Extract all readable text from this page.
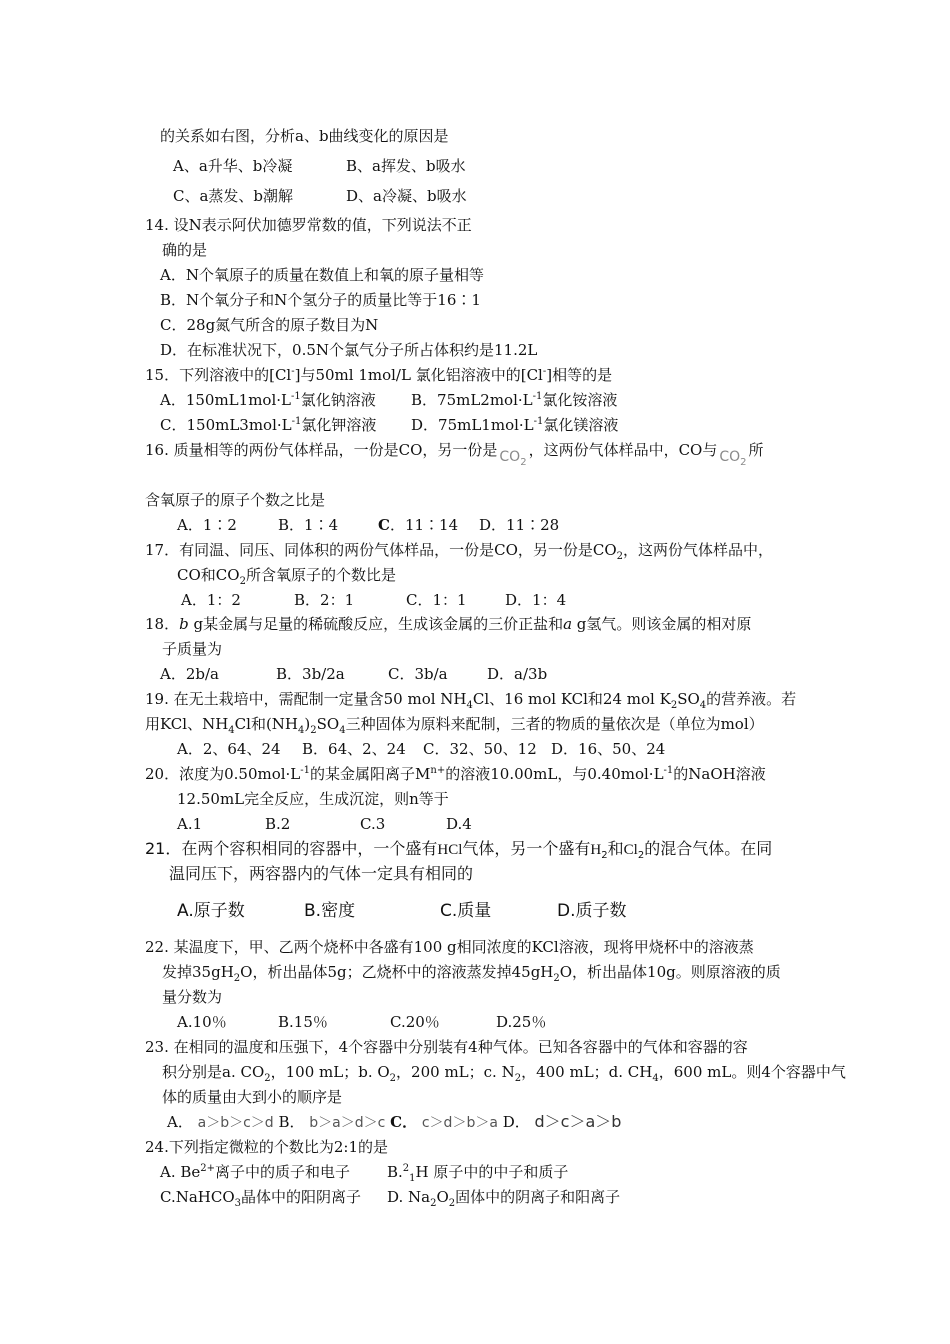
的关系如右图，分析a、b曲线变化的原因是
A、a升华、b冷凝	B、a挥发、b吸水
C、a蒸发、b潮解	D、a冷凝、b吸水
14. 设N表示阿伏加德罗常数的值，下列说法不正
确的是
A．N个氧原子的质量在数值上和氧的原子量相等
B．N个氧分子和N个氢分子的质量比等于16∶1
C．28g氮气所含的原子数目为N
D．在标准状况下，0.5N个氯气分子所占体积约是11.2L
15．下列溶液中的[Cl-]与50ml 1mol/L 氯化铝溶液中的[Cl-]相等的是
A．$150mL1mol\cdot L^{-1}$氯化钠溶液 B．$75mL2mol\cdot L^{-1}$氯化铵溶液
C．$150mL3mol\cdot L^{-1}$氯化钾溶液 D．$75mL1mol\cdot L^{-1}$氯化镁溶液
16. 质量相等的两份气体样品，一份是CO，另一份是 $CO_2$，这两份气体样品中，CO与 $CO_2$所
含氧原子的原子个数之比是
A．1∶2	B．1∶4	C．11∶14 D．11∶28
17．有同温、同压、同体积的两份气体样品，一份是CO，另一份是$CO_2$，这两份气体样品中，
CO和$CO_2$所含氧原子的个数比是
A．1：2	B．2：1	C．1：1	D．1：4
18．b g某金属与足量的稀硫酸反应，生成该金属的三价正盐和a g氢气。则该金属的相对原
子质量为
A．2b/a	B．3b/2a	C．3b/a	D．a/3b
19. 在无土栽培中，需配制一定量含50 mol $NH_4Cl$、16 mol KCl和24 mol $K_2SO_4$的营养液。若
用KCl、$NH_4Cl$和$(NH_4)_2SO_4$三种固体为原料来配制，三者的物质的量依次是（单位为mol）
A．2、64、24 B．64、2、24 C．32、50、12 D．16、50、24
20．浓度为$0.50mol\cdot L^{-1}$的某金属阳离子$M^{n+}$的溶液10.00mL，与$0.40mol\cdot L^{-1}$的NaOH溶液
12.50mL完全反应，生成沉淀，则n等于
A.1	B.2	C.3	D.4
21．在两个容积相同的容器中，一个盛有HCl气体，另一个盛有$H_2$和$Cl_2$的混合气体。在同
温同压下，两容器内的气体一定具有相同的
A.原子数	B.密度	C.质量	D.质子数
22. 某温度下，甲、乙两个烧杯中各盛有100 g相同浓度的KCl溶液，现将甲烧杯中的溶液蒸
发掉$35gH_2O$，析出晶体5g；乙烧杯中的溶液蒸发掉$45gH_2O$，析出晶体10g。则原溶液的质
量分数为
A.10％	B.15％	C.20％	D.25％
23. 在相同的温度和压强下，4个容器中分别装有4种气体。已知各容器中的气体和容器的容
积分别是a. $CO_2$，100 mL；b. $O_2$，200 mL；c. $N_2$，400 mL；d. $CH_4$，600 mL。则4个容器中气
体的质量由大到小的顺序是
A． a＞b＞c＞d B． b＞a＞d＞c C． c＞d＞b＞a D． d＞c＞a＞b
24.下列指定微粒的个数比为2:1的是
A. $Be^{2+}$离子中的质子和电子 B.$^2_1$H 原子中的中子和质子
C.NaHCO$_3$晶体中的阳阴离子 D. $Na_2O_2$固体中的阴离子和阳离子
